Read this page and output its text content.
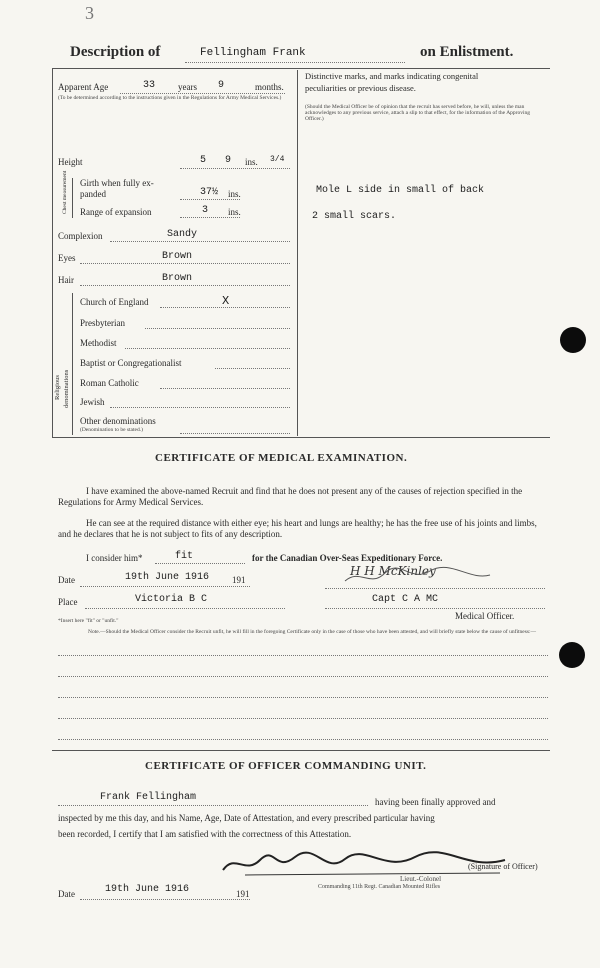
3
Description of	Fellingham Frank	on Enlistment.
Apparent Age	33	years 9	months.
(To be determined according to the instructions given in the Regulations for Army Medical Services.)
Height	5 9 ins. 3/4
Chest measurement Girth when fully ex-
panded	37½ ins.
Range of expansion	3 ins.
Complexion	Sandy
Eyes	Brown
Hair	Brown
Religious denominations
Church of England	X
Presbyterian
Methodist
Baptist or Congregationalist
Roman Catholic
Jewish
Other denominations
(Denomination to be stated.)
Distinctive marks, and marks indicating congenital
peculiarities or previous disease.
(Should the Medical Officer be of opinion that the recruit has served before, he will, unless the man acknowledges to any previous service, attach a slip to that effect, for the information of the Approving Officer.)
Mole L side in small of back
2 small scars.
CERTIFICATE OF MEDICAL EXAMINATION.
I have examined the above-named Recruit and find that he does not present any of the causes of rejection specified in the Regulations for Army Medical Services.
He can see at the required distance with either eye; his heart and lungs are healthy; he has the free use of his joints and limbs, and he declares that he is not subject to fits of any description.
I consider him*	fit	for the Canadian Over-Seas Expeditionary Force.
Date	19th June 1916	191
H H McKinley
Place	Victoria B C	Capt C A MC
Medical Officer.
*Insert here "fit" or "unfit."
Note.—Should the Medical Officer consider the Recruit unfit, he will fill in the foregoing Certificate only in the case of those who have been attested, and will briefly state below the cause of unfitness:—
CERTIFICATE OF OFFICER COMMANDING UNIT.
Frank Fellingham	having been finally approved and
inspected by me this day, and his Name, Age, Date of Attestation, and every prescribed particular having
been recorded, I certify that I am satisfied with the correctness of this Attestation.
(Signature of Officer)
Lieut.-Colonel
Date	19th June 1916	191
Commanding 11th Regt. Canadian Mounted Rifles
